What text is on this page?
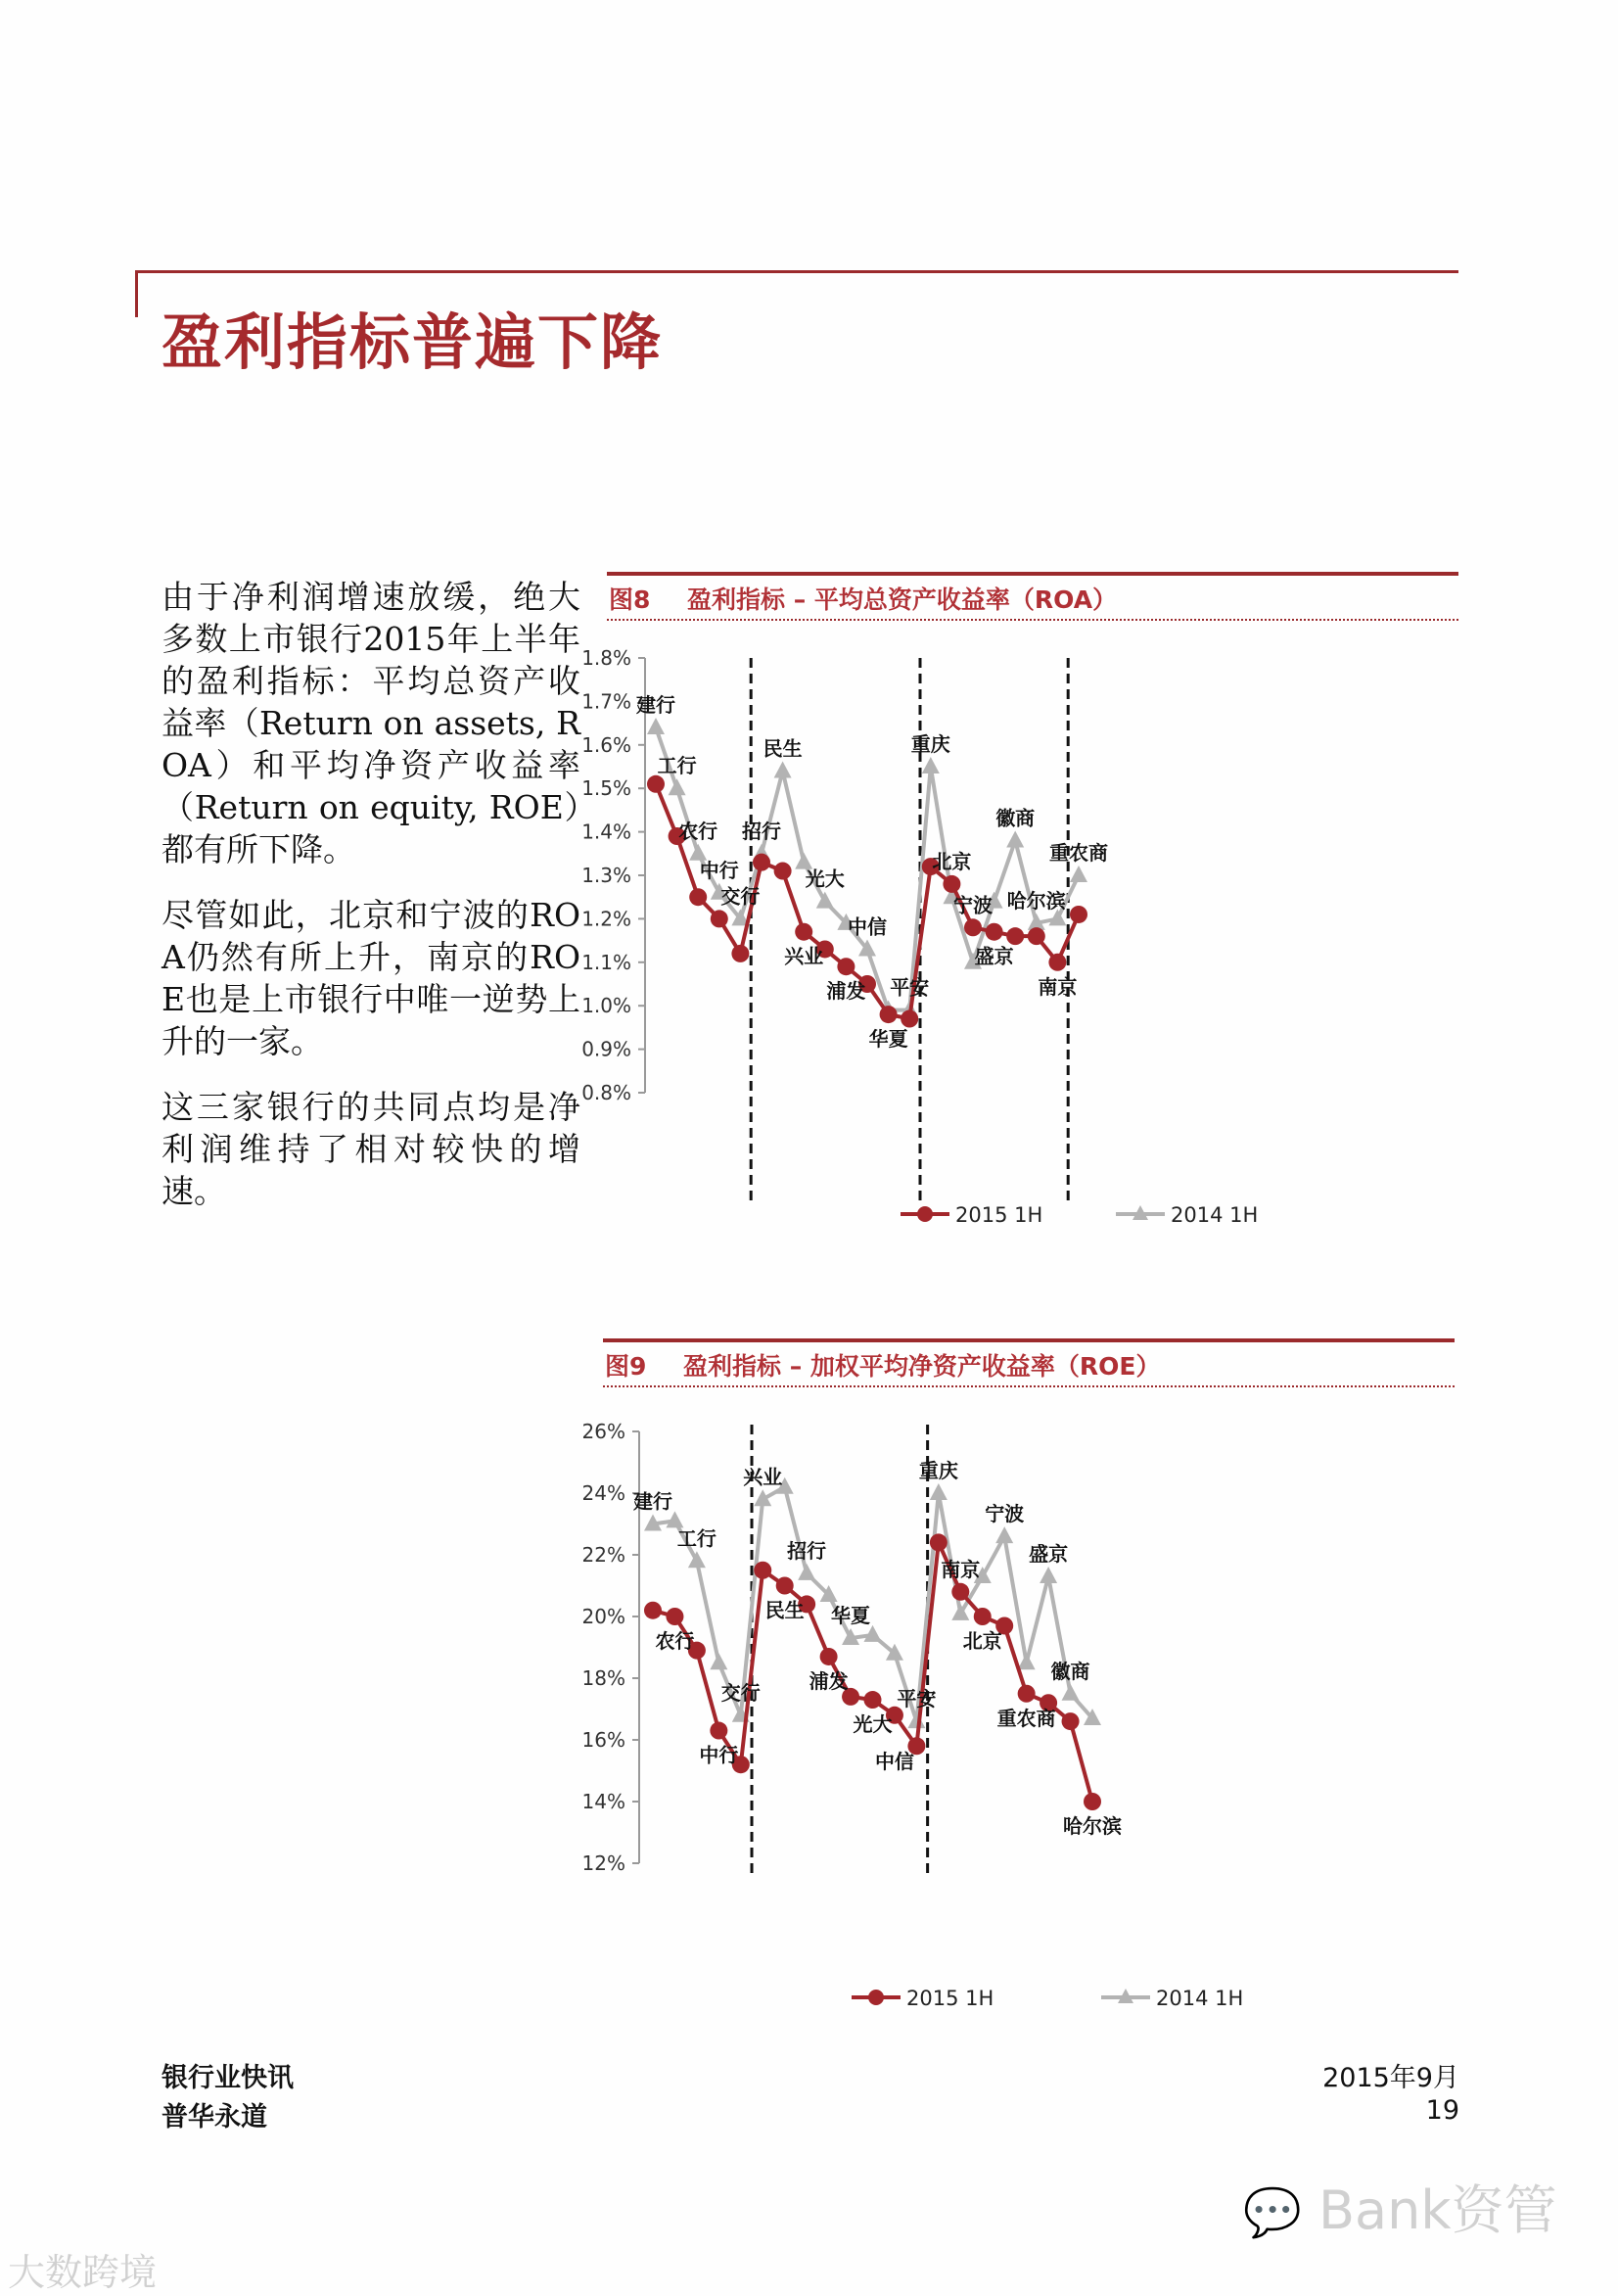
盈利指标普遍下降

由于净利润增速放缓，绝大多数上市银行2015年上半年的盈利指标：平均总资产收益率（Return on assets, ROA）和平均净资产收益率（Return on equity, ROE）都有所下降。

尽管如此，北京和宁波的ROA仍然有所上升，南京的ROE也是上市银行中唯一逆势上升的一家。

这三家银行的共同点均是净利润维持了相对较快的增速。

图8 盈利指标 – 平均总资产收益率（ROA）
图9 盈利指标 – 加权平均净资产收益率（ROE）
0.8%
0.9%
1.0%
1.1%
1.2%
1.3%
1.4%
1.5%
1.6%
1.7%
1.8%
建行
工行
农行
中行
交行
招行
民生
兴业
光大
浦发
中信
华夏
平安
重庆
北京
宁波
盛京
徽商
哈尔滨
南京
重农商
2015 1H	2014 1H
12%
14%
16%
18%
20%
22%
24%
26%
建行
农行
工行
中行
交行
兴业
民生
招行
浦发
华夏
光大
中信
平安
重庆
南京
北京
宁波
重农商
盛京
徽商
哈尔滨
2015 1H	2014 1H
银行业快讯
普华永道
2015年9月
19
💬 Bank资管
大数跨境
